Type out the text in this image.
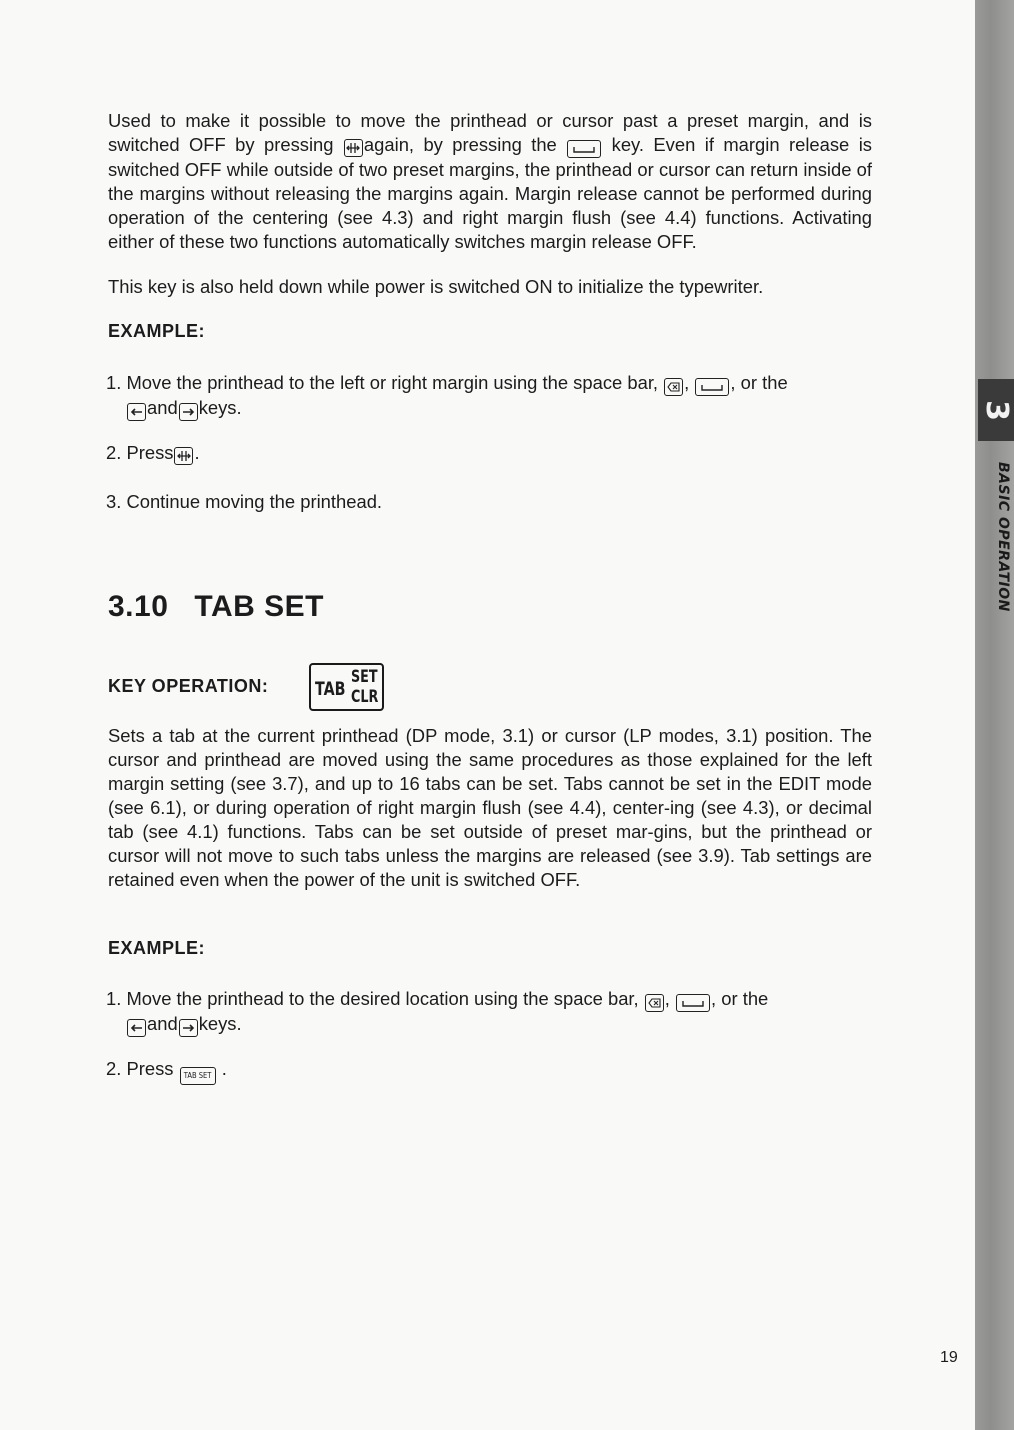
Used to make it possible to move the printhead or cursor past a preset margin, and is switched OFF by pressing again, by pressing the	key. Even if margin release is switched OFF while outside of two preset margins, the printhead or cursor can return inside of the margins without releasing the margins again. Margin release cannot be performed during operation of the centering (see 4.3) and right margin flush (see 4.4) functions. Activating either of these two functions automatically switches margin release OFF.
This key is also held down while power is switched ON to initialize the typewriter.
EXAMPLE:
1. Move the printhead to the left or right margin using the space bar, , , or the
and keys.
2. Press .
3. Continue moving the printhead.
3.10 TAB SET
KEY OPERATION: TAB
SET
CLR
Sets a tab at the current printhead (DP mode, 3.1) or cursor (LP modes, 3.1) position. The cursor and printhead are moved using the same procedures as those explained for the left margin setting (see 3.7), and up to 16 tabs can be set. Tabs cannot be set in the EDIT mode (see 6.1), or during operation of right margin flush (see 4.4), center-ing (see 4.3), or decimal tab (see 4.1) functions. Tabs can be set outside of preset mar-gins, but the printhead or cursor will not move to such tabs unless the margins are released (see 3.9). Tab settings are retained even when the power of the unit is switched OFF.
EXAMPLE:
1. Move the printhead to the desired location using the space bar, , , or the
and keys.
2. Press TAB SET .
19
3
BASIC OPERATION
